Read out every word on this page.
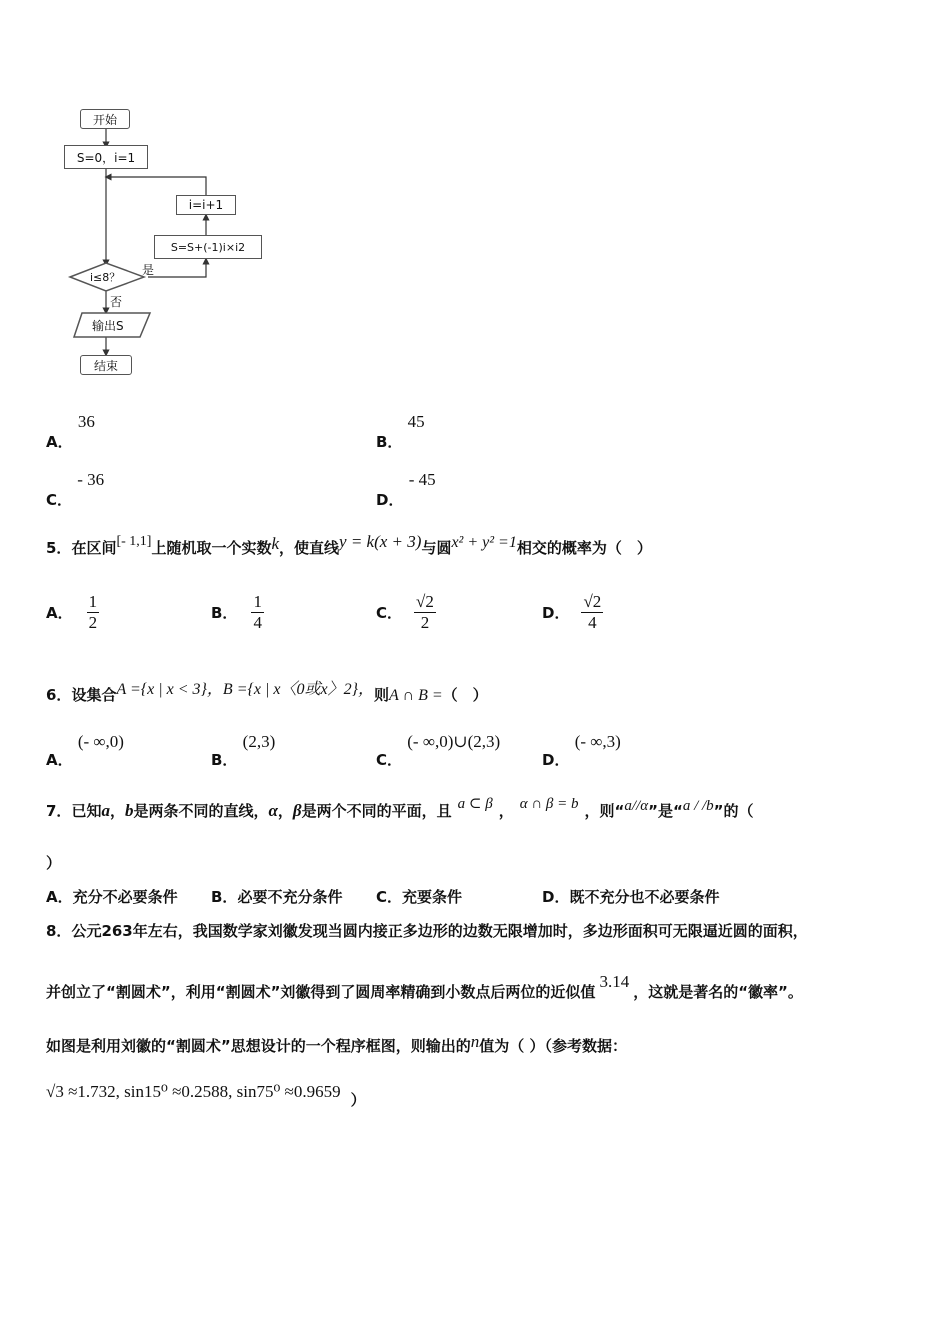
开始
S=0，i=1
i=i+1
S=S+(-1)i×i2
i≤8？
是
否
输出S
结束
A． 36
B． 45
C． - 36
D． - 45
5．在区间[- 1,1]上随机取一个实数k，使直线y = k(x + 3)与圆x² + y² =1相交的概率为（　）
A． $\frac{1}{2}$	B． $\frac{1}{4}$	C． $\frac{√2}{2}$	D． $\frac{√2}{4}$
6．设集合A ={x | x < 3}，B ={x | x〈0或x〉2}，则A ∩ B =（　）
A． (- ∞,0)
B． (2,3)
C． (- ∞,0)∪(2,3)
D． (- ∞,3)
7．已知a，b是两条不同的直线，α，β是两个不同的平面，且 a ⊂ β ， α ∩ β = b ，则“a//α”是“a / /b”的（
）
A．充分不必要条件 B．必要不充分条件 C．充要条件	D．既不充分也不必要条件
8．公元263年左右，我国数学家刘徽发现当圆内接正多边形的边数无限增加时，多边形面积可无限逼近圆的面积，
并创立了“割圆术”，利用“割圆术”刘徽得到了圆周率精确到小数点后两位的近似值3.14，这就是著名的“徽率”。
如图是利用刘徽的“割圆术”思想设计的一个程序框图，则输出的n值为（ ）（参考数据：
√3 ≈1.732, sin15⁰ ≈0.2588, sin75⁰ ≈0.9659 ）
